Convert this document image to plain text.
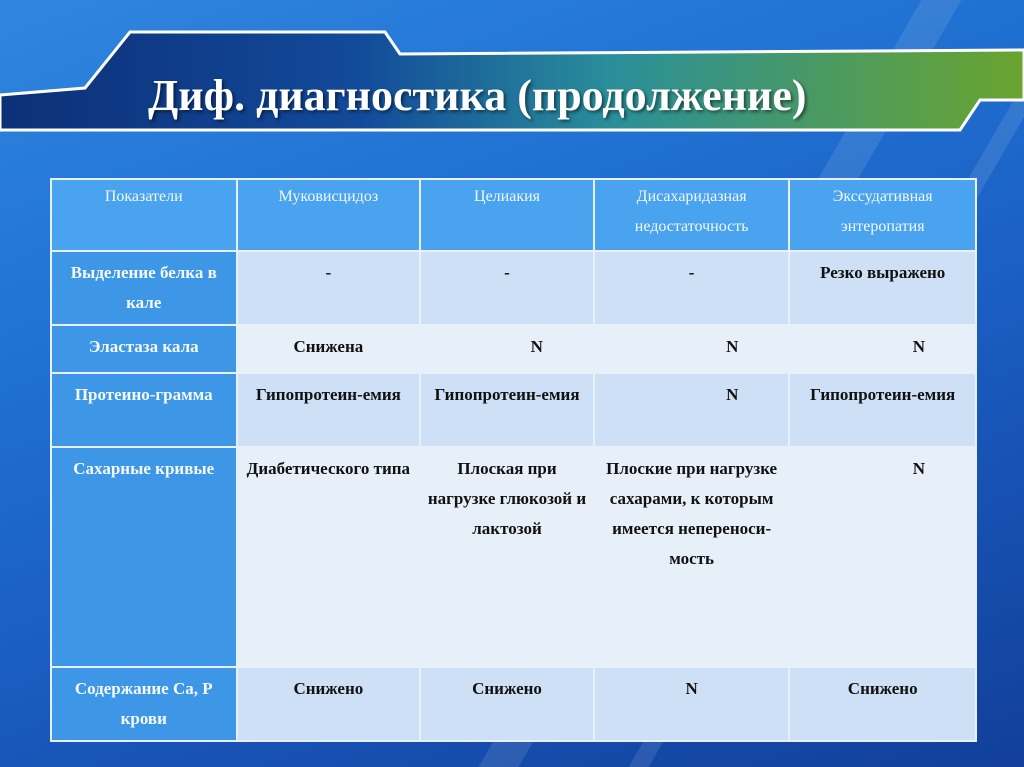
Диф. диагностика (продолжение)
Показатели	Муковисцидоз	Целиакия	Дисахаридазная недостаточность	Экссудативная энтеропатия
Выделение белка в кале	-	-	-	Резко выражено
Эластаза кала	Снижена	N	N	N
Протеино-грамма	Гипопротеин-емия	Гипопротеин-емия	N	Гипопротеин-емия
Сахарные кривые	Диабетического типа	Плоская при нагрузке глюкозой и лактозой	Плоские при нагрузке сахарами, к которым имеется непереноси-мость	N
Содержание Са, Р крови	Снижено	Снижено	N	Снижено
